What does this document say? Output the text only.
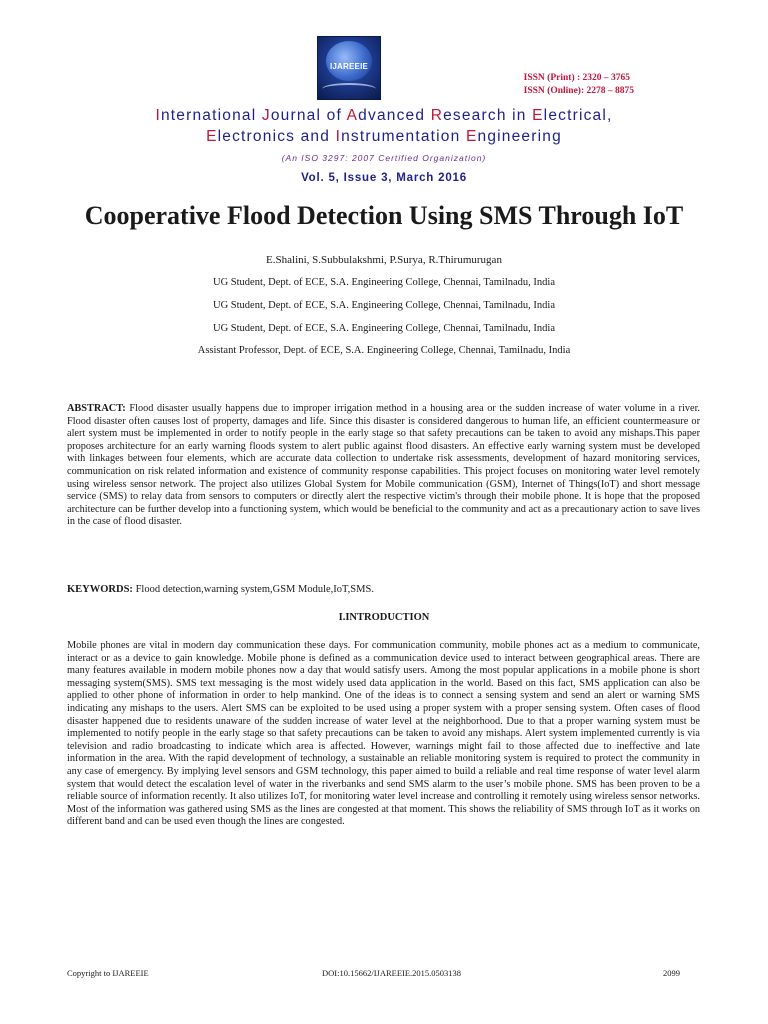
IJAREEIE
ISSN (Print) : 2320 – 3765
ISSN (Online): 2278 – 8875
International Journal of Advanced Research in Electrical,
Electronics and Instrumentation Engineering
(An ISO 3297: 2007 Certified Organization)
Vol. 5, Issue 3, March 2016
Cooperative Flood Detection Using SMS Through IoT
E.Shalini, S.Subbulakshmi, P.Surya, R.Thirumurugan
UG Student, Dept. of ECE, S.A. Engineering College, Chennai, Tamilnadu, India
UG Student, Dept. of ECE, S.A. Engineering College, Chennai, Tamilnadu, India
UG Student, Dept. of ECE, S.A. Engineering College, Chennai, Tamilnadu, India
Assistant Professor, Dept. of ECE, S.A. Engineering College, Chennai, Tamilnadu, India
ABSTRACT: Flood disaster usually happens due to improper irrigation method in a housing area or the sudden increase of water volume in a river. Flood disaster often causes lost of property, damages and life. Since this disaster is considered dangerous to human life, an efficient countermeasure or alert system must be implemented in order to notify people in the early stage so that safety precautions can be taken to avoid any mishaps.This paper proposes architecture for an early warning floods system to alert public against flood disasters. An effective early warning system must be developed with linkages between four elements, which are accurate data collection to undertake risk assessments, development of hazard monitoring services, communication on risk related information and existence of community response capabilities. This project focuses on monitoring water level remotely using wireless sensor network. The project also utilizes Global System for Mobile communication (GSM), Internet of Things(IoT) and short message service (SMS) to relay data from sensors to computers or directly alert the respective victim's through their mobile phone. It is hope that the proposed architecture can be further develop into a functioning system, which would be beneficial to the community and act as a precautionary action to save lives in the case of flood disaster.
KEYWORDS: Flood detection,warning system,GSM Module,IoT,SMS.
I.INTRODUCTION
Mobile phones are vital in modern day communication these days. For communication community, mobile phones act as a medium to communicate, interact or as a device to gain knowledge. Mobile phone is defined as a communication device used to interact between geographical areas. There are many features available in modern mobile phones now a day that would satisfy users. Among the most popular applications in a mobile phone is short messaging system(SMS). SMS text messaging is the most widely used data application in the world. Based on this fact, SMS application can also be applied to other phone of information in order to help mankind. One of the ideas is to connect a sensing system and send an alert or warning SMS indicating any mishaps to the users. Alert SMS can be exploited to be used using a proper system with a proper sensing system. Often cases of flood disaster happened due to residents unaware of the sudden increase of water level at the neighborhood. Due to that a proper warning system must be implemented to notify people in the early stage so that safety precautions can be taken to avoid any mishaps. Alert system implemented currently is via television and radio broadcasting to indicate which area is affected. However, warnings might fail to those affected due to ineffective and late information in the area. With the rapid development of technology, a sustainable an reliable monitoring system is required to protect the community in any case of emergency. By implying level sensors and GSM technology, this paper aimed to build a reliable and real time response of water level alarm system that would detect the escalation level of water in the riverbanks and send SMS alarm to the user’s mobile phone. SMS has been proven to be a reliable source of information recently. It also utilizes IoT, for monitoring water level increase and controlling it remotely using wireless sensor networks. Most of the information was gathered using SMS as the lines are congested at that moment. This shows the reliability of SMS through IoT as it works on different band and can be used even though the lines are congested.
Copyright to IJAREEIE	DOI:10.15662/IJAREEIE.2015.0503138	2099
